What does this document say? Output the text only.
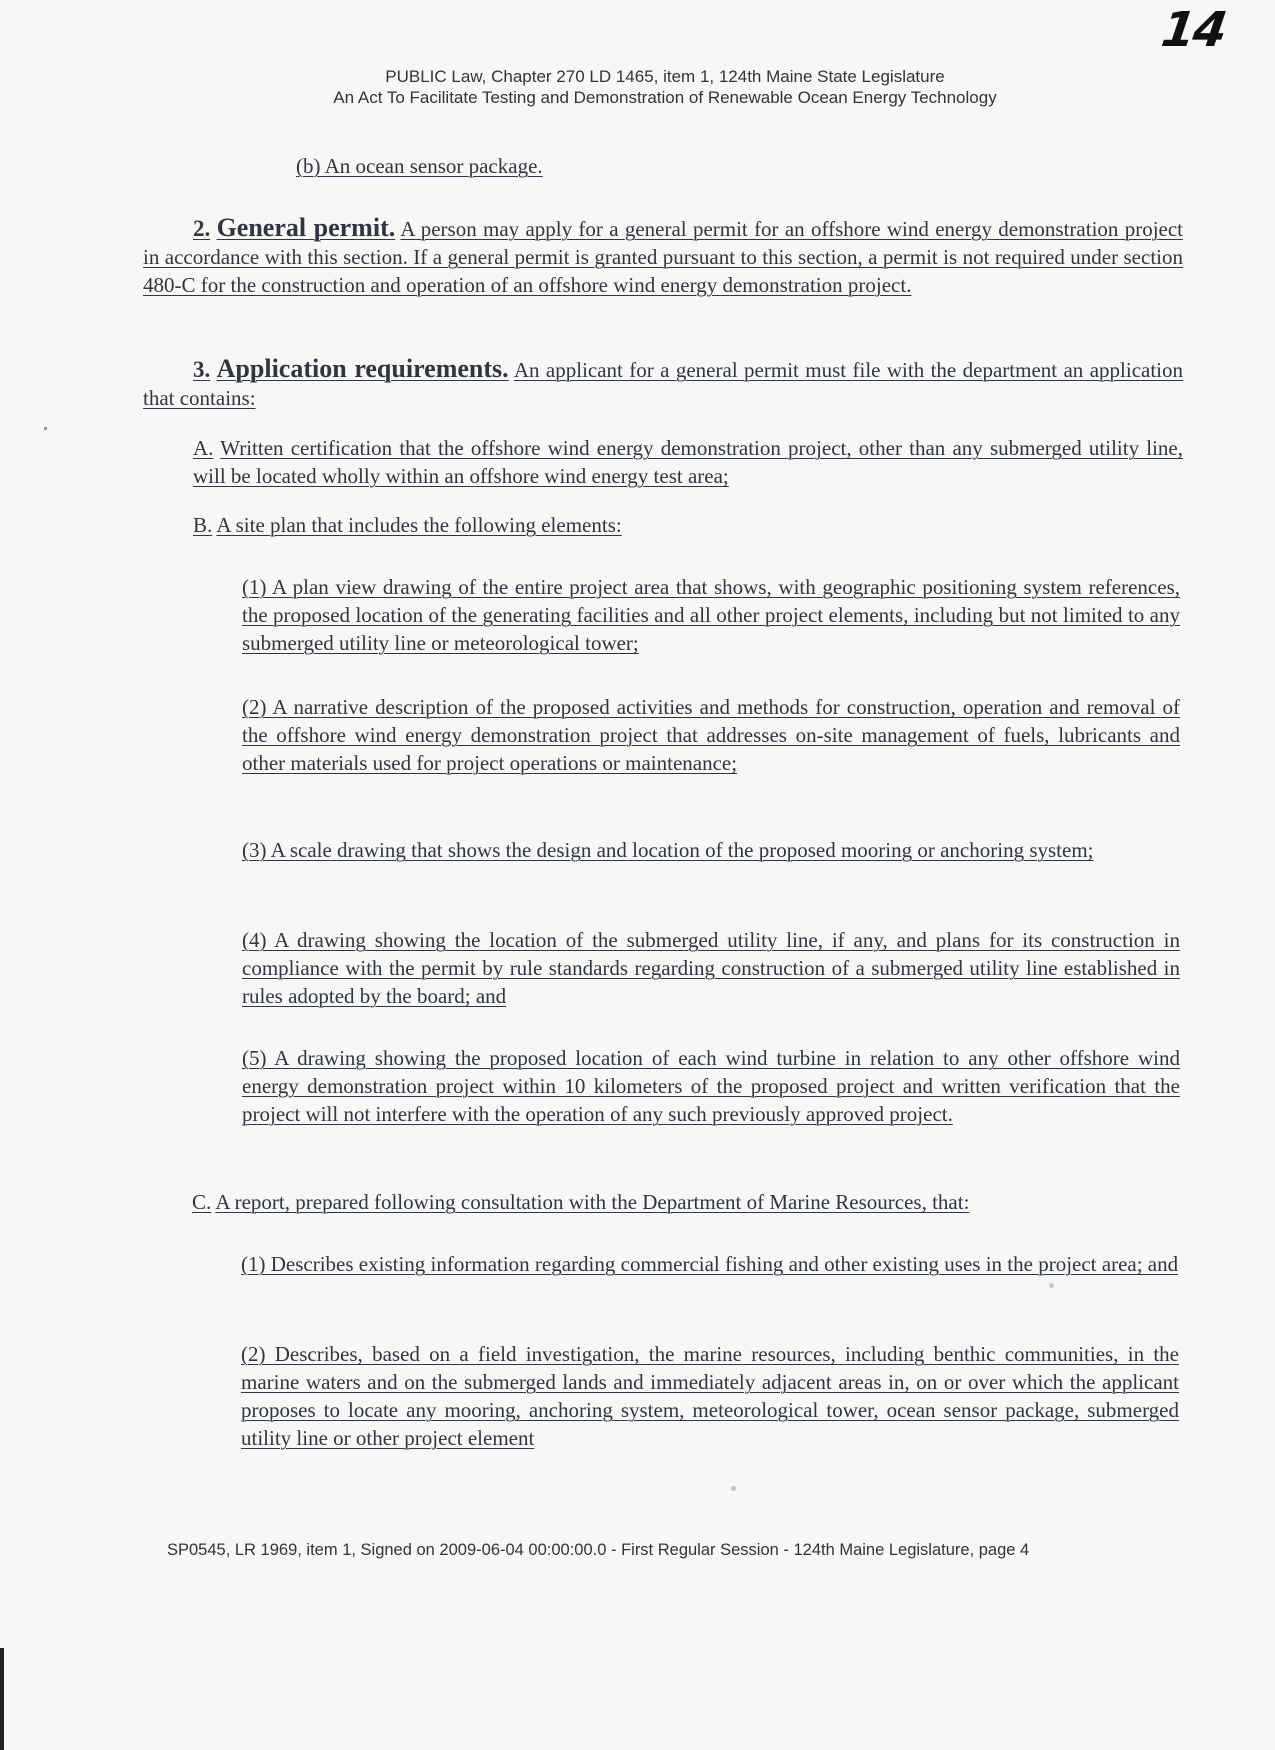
14
PUBLIC Law, Chapter 270 LD 1465, item 1, 124th Maine State Legislature
An Act To Facilitate Testing and Demonstration of Renewable Ocean Energy Technology
(b) An ocean sensor package.
2. General permit. A person may apply for a general permit for an offshore wind energy demonstration project in accordance with this section. If a general permit is granted pursuant to this section, a permit is not required under section 480-C for the construction and operation of an offshore wind energy demonstration project.
3. Application requirements. An applicant for a general permit must file with the department an application that contains:
A. Written certification that the offshore wind energy demonstration project, other than any submerged utility line, will be located wholly within an offshore wind energy test area;
B. A site plan that includes the following elements:
(1) A plan view drawing of the entire project area that shows, with geographic positioning system references, the proposed location of the generating facilities and all other project elements, including but not limited to any submerged utility line or meteorological tower;
(2) A narrative description of the proposed activities and methods for construction, operation and removal of the offshore wind energy demonstration project that addresses on-site management of fuels, lubricants and other materials used for project operations or maintenance;
(3) A scale drawing that shows the design and location of the proposed mooring or anchoring system;
(4) A drawing showing the location of the submerged utility line, if any, and plans for its construction in compliance with the permit by rule standards regarding construction of a submerged utility line established in rules adopted by the board; and
(5) A drawing showing the proposed location of each wind turbine in relation to any other offshore wind energy demonstration project within 10 kilometers of the proposed project and written verification that the project will not interfere with the operation of any such previously approved project.
C. A report, prepared following consultation with the Department of Marine Resources, that:
(1) Describes existing information regarding commercial fishing and other existing uses in the project area; and
(2) Describes, based on a field investigation, the marine resources, including benthic communities, in the marine waters and on the submerged lands and immediately adjacent areas in, on or over which the applicant proposes to locate any mooring, anchoring system, meteorological tower, ocean sensor package, submerged utility line or other project element
SP0545, LR 1969, item 1, Signed on 2009-06-04 00:00:00.0 - First Regular Session - 124th Maine Legislature, page 4
